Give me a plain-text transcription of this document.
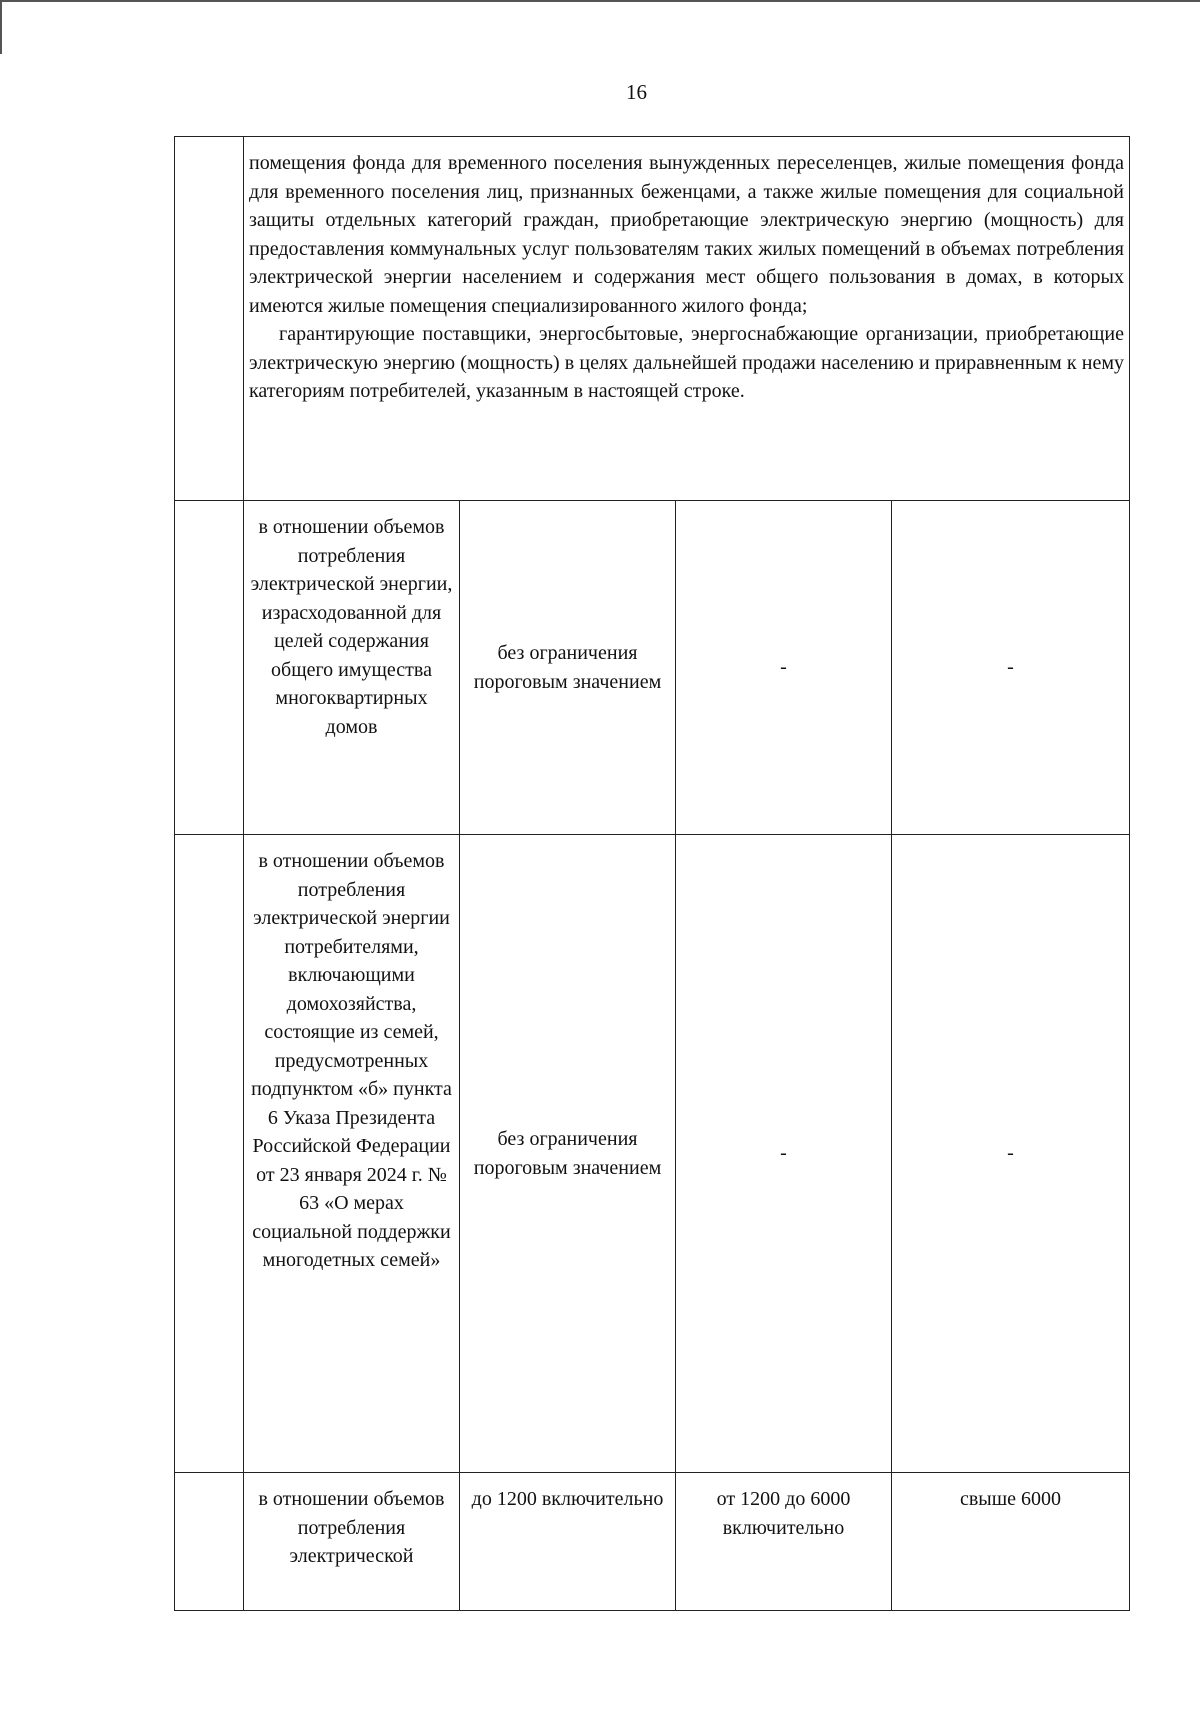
16

	помещения фонда для временного поселения вынужденных переселенцев, жилые помещения фонда для временного поселения лиц, признанных беженцами, а также жилые помещения для социальной защиты отдельных категорий граждан, приобретающие электрическую энергию (мощность) для предоставления коммунальных услуг пользователям таких жилых помещений в объемах потребления электрической энергии населением и содержания мест общего пользования в домах, в которых имеются жилые помещения специализированного жилого фонда;

гарантирующие поставщики, энергосбытовые, энергоснабжающие организации, приобретающие электрическую энергию (мощность) в целях дальнейшей продажи населению и приравненным к нему категориям потребителей, указанным в настоящей строке.			

	в отношении объемов потребления электрической энергии, израсходованной для целей содержания общего имущества многоквартирных домов	без ограничения пороговым значением	-	-
	в отношении объемов потребления электрической энергии потребителями, включающими домохозяйства, состоящие из семей, предусмотренных подпунктом «б» пункта 6 Указа Президента Российской Федерации от 23 января 2024 г. № 63 «О мерах социальной поддержки многодетных семей»	без ограничения пороговым значением	-	-
	в отношении объемов потребления электрической	до 1200 включительно	от 1200 до 6000 включительно	свыше 6000
